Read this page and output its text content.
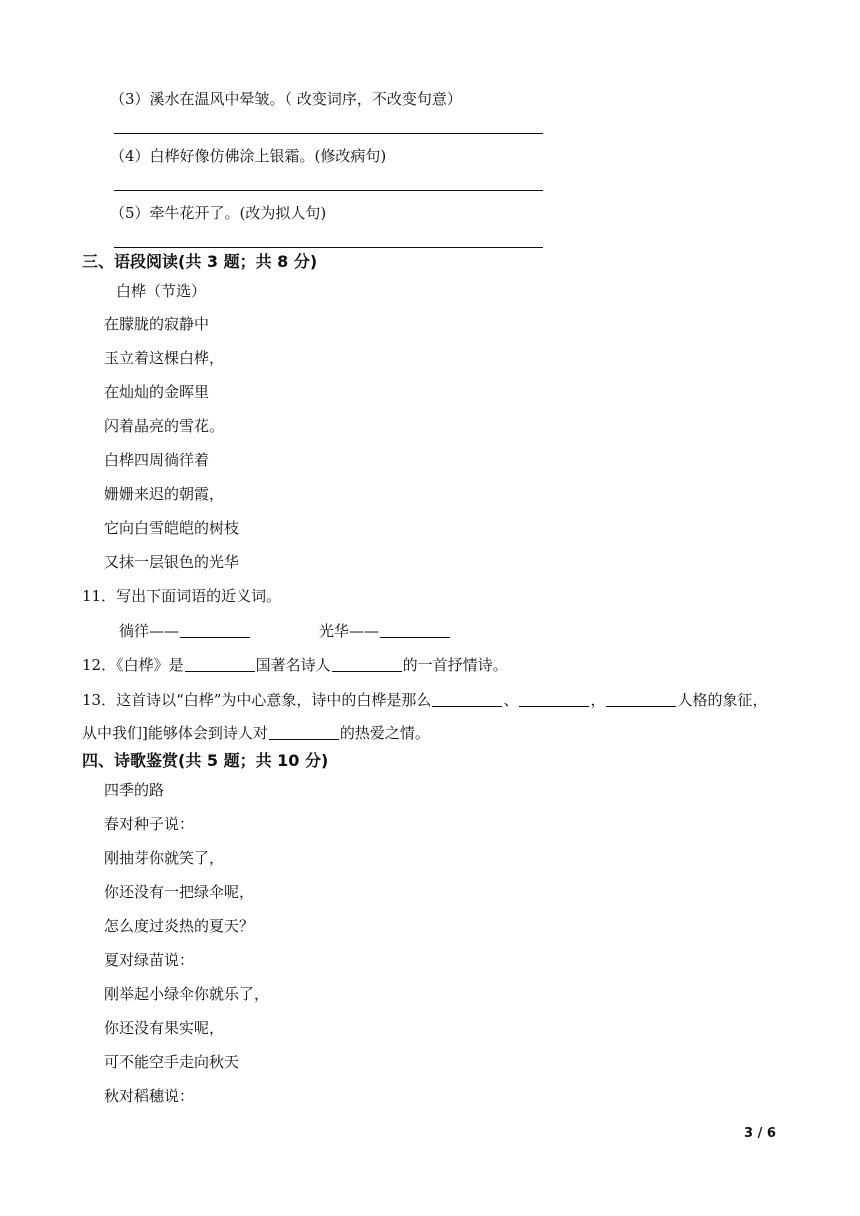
（3）溪水在温风中晕皱。（ 改变词序，不改变句意）
（4）白桦好像仿佛涂上银霜。(修改病句)
（5）牵牛花开了。(改为拟人句)
三、语段阅读(共 3 题；共 8 分)
白桦（节选）
在朦胧的寂静中
玉立着这棵白桦，
在灿灿的金晖里
闪着晶亮的雪花。
白桦四周徜徉着
姗姗来迟的朝霞，
它向白雪皑皑的树枝
又抹一层银色的光华
11．写出下面词语的近义词。
徜徉——	光华——
12．《白桦》是	国著名诗人	的一首抒情诗。
13．这首诗以“白桦”为中心意象，诗中的白桦是那么	、	，	人格的象征，
从中我们]能够体会到诗人对	的热爱之情。
四、诗歌鉴赏(共 5 题；共 10 分)
四季的路
春对种子说：
刚抽芽你就笑了，
你还没有一把绿伞呢，
怎么度过炎热的夏天？
夏对绿苗说：
刚举起小绿伞你就乐了，
你还没有果实呢，
可不能空手走向秋天
秋对稻穗说：
3 / 6
